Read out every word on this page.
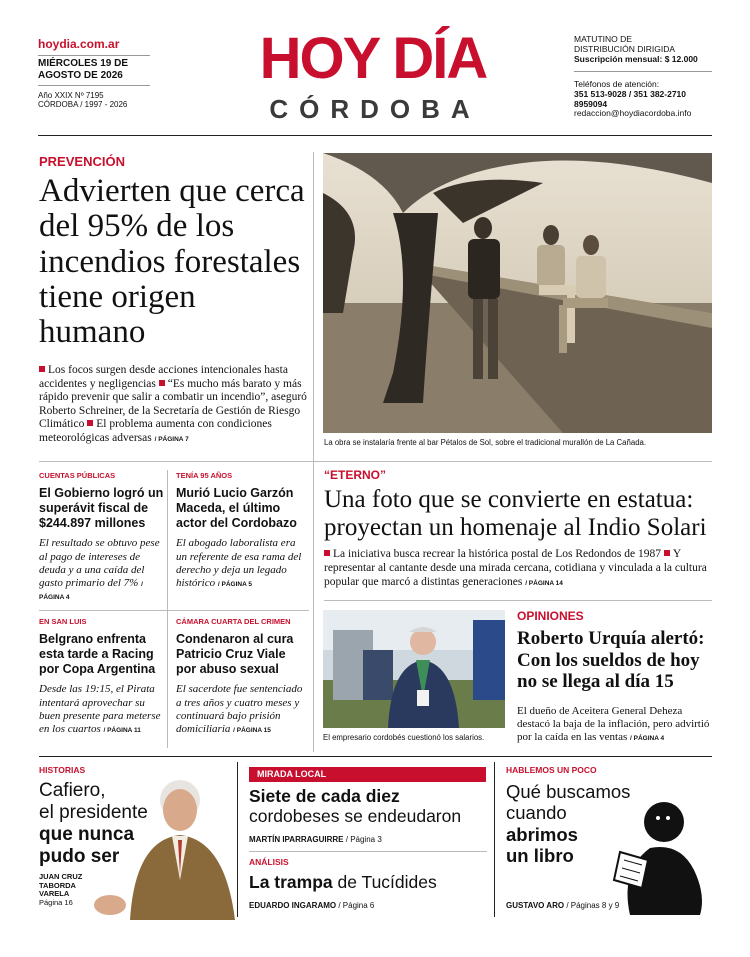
hoydia.com.ar
MIÉRCOLES 19 DE
AGOSTO DE 2026
Año XXIX Nº 7195
CÓRDOBA / 1997 - 2026
HOY DÍA
CÓRDOBA
MATUTINO DE
DISTRIBUCIÓN DIRIGIDA
Suscripción mensual: $ 12.000
Teléfonos de atención:
351 513-9028 / 351 382-2710
8959094
redaccion@hoydiacordoba.info
PREVENCIÓN
Advierten que cerca del 95% de los incendios forestales tiene origen humano
Los focos surgen desde acciones intencionales hasta accidentes y negligencias “Es mucho más barato y más rápido prevenir que salir a combatir un incendio”, aseguró Roberto Schreiner, de la Secretaría de Gestión de Riesgo Climático El problema aumenta con condiciones meteorológicas adversas / PÁGINA 7	La obra se instalaría frente al bar Pétalos de Sol, sobre el tradicional murallón de La Cañada.
“ETERNO”
Una foto que se convierte en estatua: proyectan un homenaje al Indio Solari
La iniciativa busca recrear la histórica postal de Los Redondos de 1987 Y representar al cantante desde una mirada cercana, cotidiana y vinculada a la cultura popular que marcó a distintas generaciones / PÁGINA 14
CUENTAS PÚBLICAS
El Gobierno logró un superávit fiscal de $244.897 millones
El resultado se obtuvo pese al pago de intereses de deuda y a una caída del gasto primario del 7% / PÁGINA 4
TENÍA 95 AÑOS
Murió Lucio Garzón Maceda, el último actor del Cordobazo
El abogado laboralista era un referente de esa rama del derecho y deja un legado histórico / PÁGINA 5
EN SAN LUIS
Belgrano enfrenta esta tarde a Racing por Copa Argentina
Desde las 19:15, el Pirata intentará aprovechar su buen presente para meterse en los cuartos / PÁGINA 11
CÁMARA CUARTA DEL CRIMEN
Condenaron al cura Patricio Cruz Viale por abuso sexual
El sacerdote fue sentenciado a tres años y cuatro meses y continuará bajo prisión domiciliaria / PÁGINA 15
El empresario cordobés cuestionó los salarios.
OPINIONES
Roberto Urquía alertó: Con los sueldos de hoy no se llega al día 15
El dueño de Aceitera General Deheza destacó la baja de la inflación, pero advirtió por la caída en las ventas / PÁGINA 4
HISTORIAS
Cafiero,
el presidente
que nunca
pudo ser
JUAN CRUZ
TABORDA
VARELA
Página 16
MIRADA LOCAL
Siete de cada diez
cordobeses se endeudaron
MARTÍN IPARRAGUIRRE / Página 3
ANÁLISIS
La trampa de Tucídides
EDUARDO INGARAMO / Página 6
HABLEMOS UN POCO
Qué buscamos
cuando
abrimos
un libro
GUSTAVO ARO / Páginas 8 y 9
